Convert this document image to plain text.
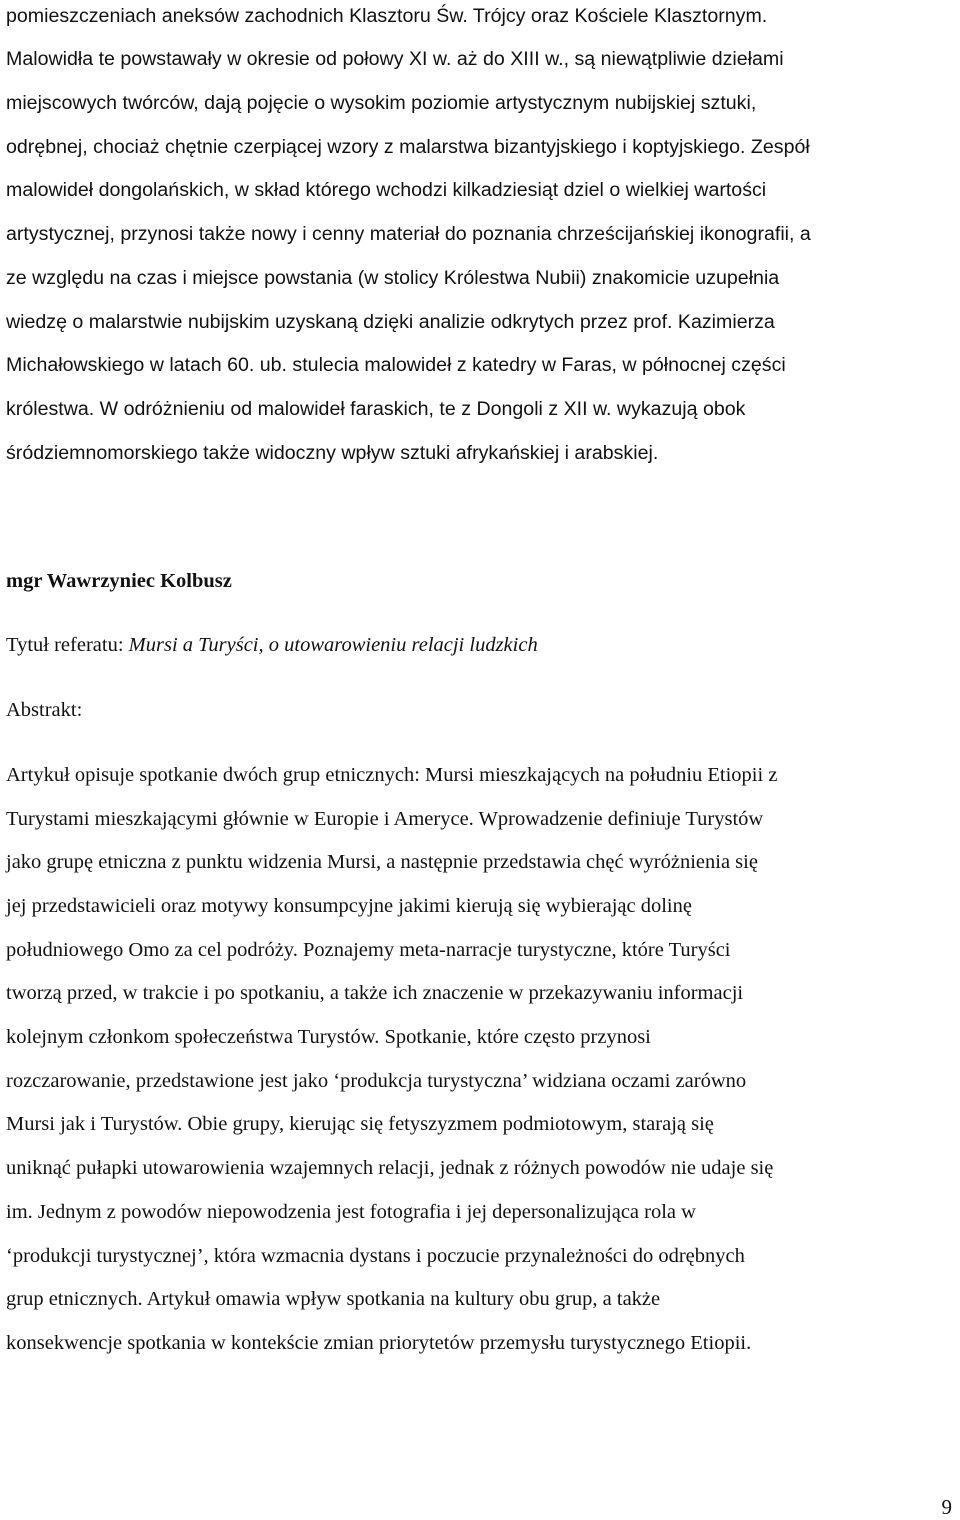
pomieszczeniach aneksów zachodnich Klasztoru Św. Trójcy oraz Kościele Klasztornym.
Malowidła te powstawały w okresie od połowy XI w. aż do XIII w., są niewątpliwie dziełami
miejscowych twórców, dają pojęcie o wysokim poziomie artystycznym nubijskiej sztuki,
odrębnej, chociaż chętnie czerpiącej wzory z malarstwa bizantyjskiego i koptyjskiego. Zespół
malowideł dongolańskich, w skład którego wchodzi kilkadziesiąt dziel o wielkiej wartości
artystycznej, przynosi także nowy i cenny materiał do poznania chrześcijańskiej ikonografii, a
ze względu na czas i miejsce powstania (w stolicy Królestwa Nubii) znakomicie uzupełnia
wiedzę o malarstwie nubijskim uzyskaną dzięki analizie odkrytych przez prof. Kazimierza
Michałowskiego w latach 60. ub. stulecia malowideł z katedry w Faras, w północnej części
królestwa. W odróżnieniu od malowideł faraskich, te z Dongoli z XII w. wykazują obok
śródziemnomorskiego także widoczny wpływ sztuki afrykańskiej i arabskiej.
mgr Wawrzyniec Kolbusz
Tytuł referatu: Mursi a Turyści, o utowarowieniu relacji ludzkich
Abstrakt:
Artykuł opisuje spotkanie dwóch grup etnicznych: Mursi mieszkających na południu Etiopii z
Turystami mieszkającymi głównie w Europie i Ameryce. Wprowadzenie definiuje Turystów
jako grupę etniczna z punktu widzenia Mursi, a następnie przedstawia chęć wyróżnienia się
jej przedstawicieli oraz motywy konsumpcyjne jakimi kierują się wybierając dolinę
południowego Omo za cel podróży. Poznajemy meta-narracje turystyczne, które Turyści
tworzą przed, w trakcie i po spotkaniu, a także ich znaczenie w przekazywaniu informacji
kolejnym członkom społeczeństwa Turystów. Spotkanie, które często przynosi
rozczarowanie, przedstawione jest jako ‘produkcja turystyczna’ widziana oczami zarówno
Mursi jak i Turystów. Obie grupy, kierując się fetyszyzmem podmiotowym, starają się
uniknąć pułapki utowarowienia wzajemnych relacji, jednak z różnych powodów nie udaje się
im. Jednym z powodów niepowodzenia jest fotografia i jej depersonalizująca rola w
‘produkcji turystycznej’, która wzmacnia dystans i poczucie przynależności do odrębnych
grup etnicznych. Artykuł omawia wpływ spotkania na kultury obu grup, a także
konsekwencje spotkania w kontekście zmian priorytetów przemysłu turystycznego Etiopii.
9
